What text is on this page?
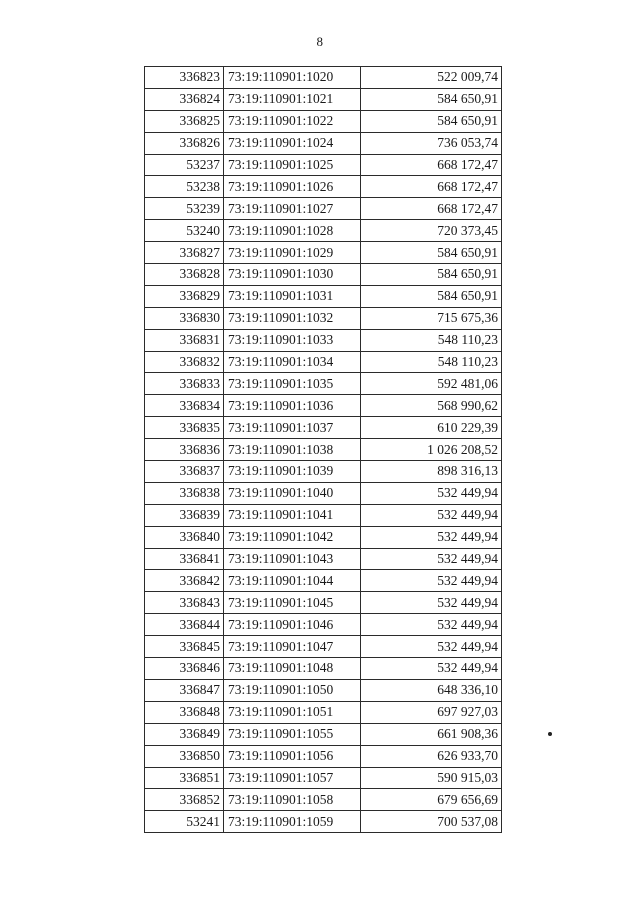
8
336823	73:19:110901:1020	522 009,74
336824	73:19:110901:1021	584 650,91
336825	73:19:110901:1022	584 650,91
336826	73:19:110901:1024	736 053,74
53237	73:19:110901:1025	668 172,47
53238	73:19:110901:1026	668 172,47
53239	73:19:110901:1027	668 172,47
53240	73:19:110901:1028	720 373,45
336827	73:19:110901:1029	584 650,91
336828	73:19:110901:1030	584 650,91
336829	73:19:110901:1031	584 650,91
336830	73:19:110901:1032	715 675,36
336831	73:19:110901:1033	548 110,23
336832	73:19:110901:1034	548 110,23
336833	73:19:110901:1035	592 481,06
336834	73:19:110901:1036	568 990,62
336835	73:19:110901:1037	610 229,39
336836	73:19:110901:1038	1 026 208,52
336837	73:19:110901:1039	898 316,13
336838	73:19:110901:1040	532 449,94
336839	73:19:110901:1041	532 449,94
336840	73:19:110901:1042	532 449,94
336841	73:19:110901:1043	532 449,94
336842	73:19:110901:1044	532 449,94
336843	73:19:110901:1045	532 449,94
336844	73:19:110901:1046	532 449,94
336845	73:19:110901:1047	532 449,94
336846	73:19:110901:1048	532 449,94
336847	73:19:110901:1050	648 336,10
336848	73:19:110901:1051	697 927,03
336849	73:19:110901:1055	661 908,36
336850	73:19:110901:1056	626 933,70
336851	73:19:110901:1057	590 915,03
336852	73:19:110901:1058	679 656,69
53241	73:19:110901:1059	700 537,08
